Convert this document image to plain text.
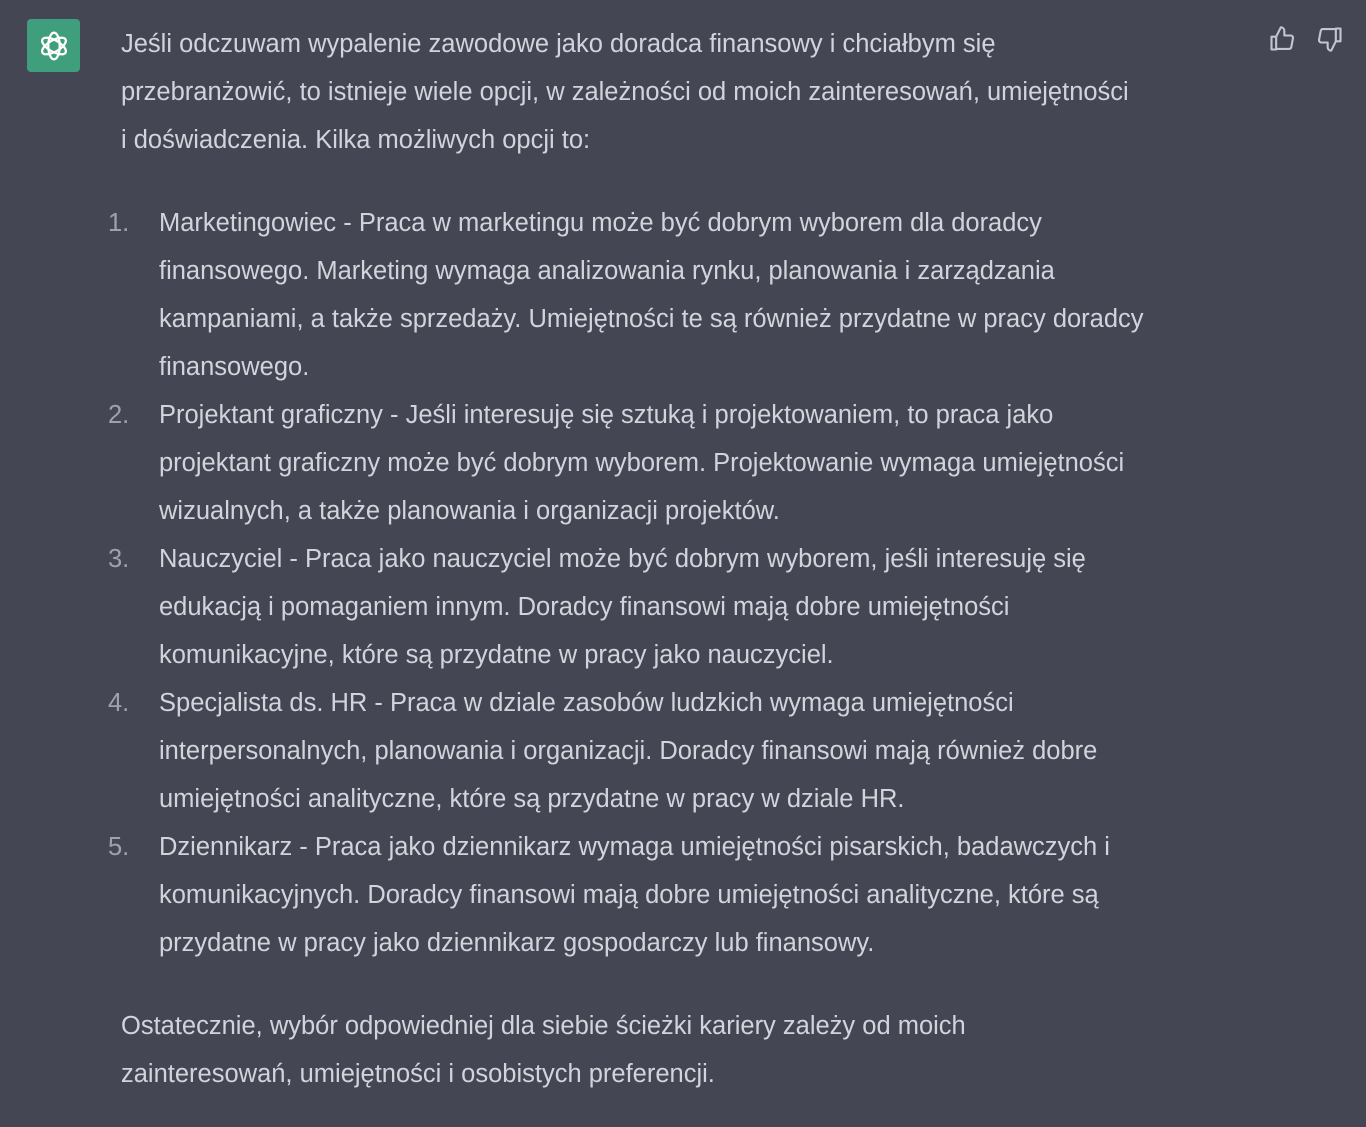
Jeśli odczuwam wypalenie zawodowe jako doradca finansowy i chciałbym się
przebranżowić, to istnieje wiele opcji, w zależności od moich zainteresowań, umiejętności
i doświadczenia. Kilka możliwych opcji to:

1. Marketingowiec - Praca w marketingu może być dobrym wyborem dla doradcy
finansowego. Marketing wymaga analizowania rynku, planowania i zarządzania
kampaniami, a także sprzedaży. Umiejętności te są również przydatne w pracy doradcy
finansowego.
2. Projektant graficzny - Jeśli interesuję się sztuką i projektowaniem, to praca jako
projektant graficzny może być dobrym wyborem. Projektowanie wymaga umiejętności
wizualnych, a także planowania i organizacji projektów.
3. Nauczyciel - Praca jako nauczyciel może być dobrym wyborem, jeśli interesuję się
edukacją i pomaganiem innym. Doradcy finansowi mają dobre umiejętności
komunikacyjne, które są przydatne w pracy jako nauczyciel.
4. Specjalista ds. HR - Praca w dziale zasobów ludzkich wymaga umiejętności
interpersonalnych, planowania i organizacji. Doradcy finansowi mają również dobre
umiejętności analityczne, które są przydatne w pracy w dziale HR.
5. Dziennikarz - Praca jako dziennikarz wymaga umiejętności pisarskich, badawczych i
komunikacyjnych. Doradcy finansowi mają dobre umiejętności analityczne, które są
przydatne w pracy jako dziennikarz gospodarczy lub finansowy.

Ostatecznie, wybór odpowiedniej dla siebie ścieżki kariery zależy od moich
zainteresowań, umiejętności i osobistych preferencji.
